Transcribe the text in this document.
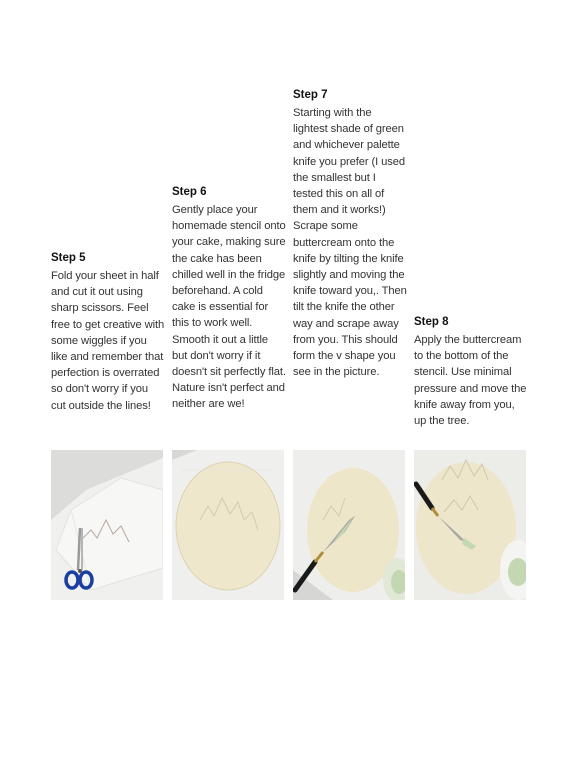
Step 5

Fold your sheet in half and cut it out using sharp scissors. Feel free to get creative with some wiggles if you like and remember that perfection is overrated so don't worry if you cut outside the lines!

Step 6

Gently place your homemade stencil onto your cake, making sure the cake has been chilled well in the fridge beforehand. A cold cake is essential for this to work well. Smooth it out a little but don't worry if it doesn't sit perfectly flat. Nature isn't perfect and neither are we!

Step 7

Starting with the lightest shade of green and whichever palette knife you prefer (I used the smallest but I tested this on all of them and it works!) Scrape some buttercream onto the knife by tilting the knife slightly and moving the knife toward you,. Then tilt the knife the other way and scrape away from you. This should form the v shape you see in the picture.

Step 8

Apply the buttercream to the bottom of the stencil. Use minimal pressure and move the knife away from you, up the tree.
